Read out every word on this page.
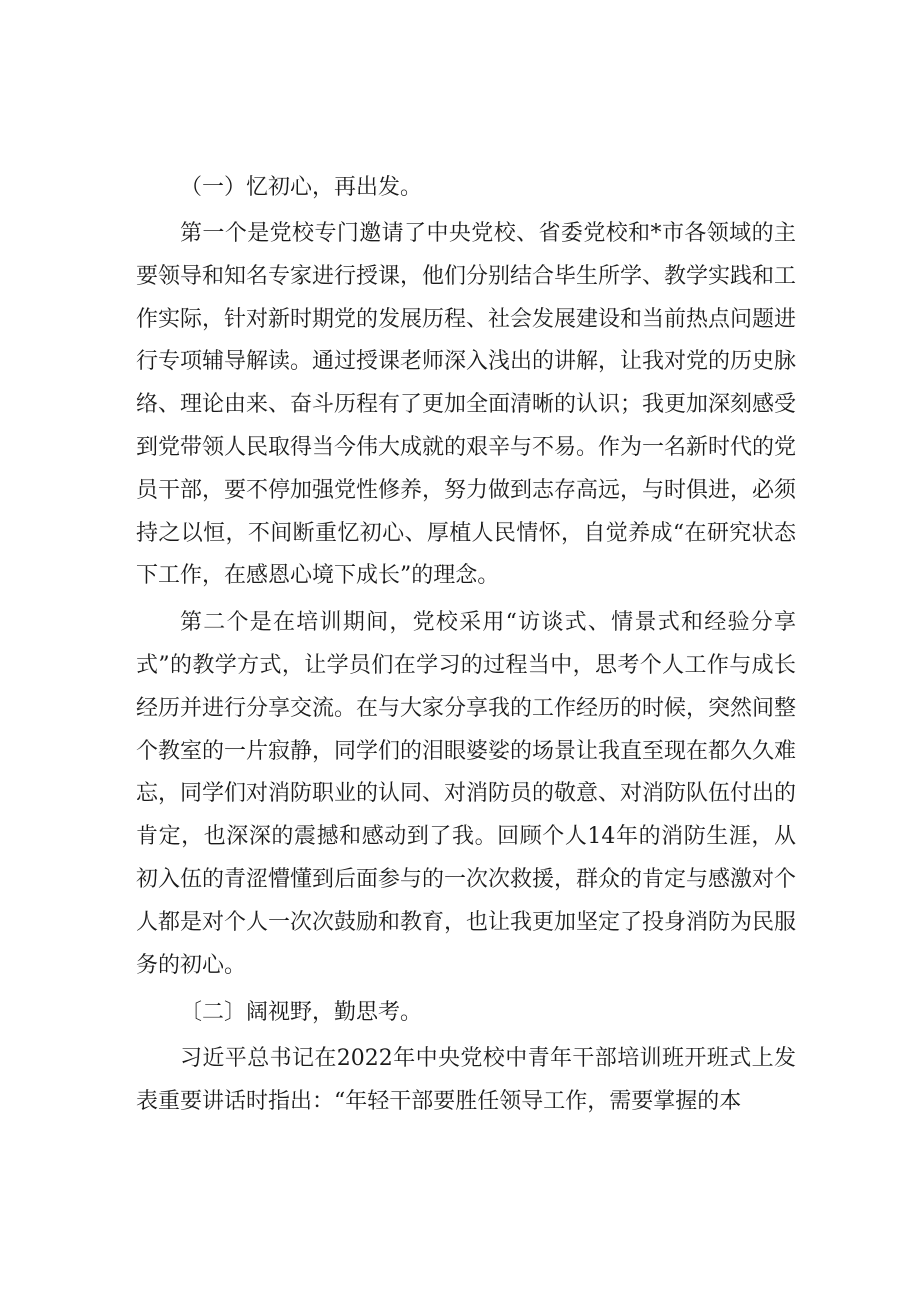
（一）忆初心，再出发。

第一个是党校专门邀请了中央党校、省委党校和*市各领域的主要领导和知名专家进行授课，他们分别结合毕生所学、教学实践和工作实际，针对新时期党的发展历程、社会发展建设和当前热点问题进行专项辅导解读。通过授课老师深入浅出的讲解，让我对党的历史脉络、理论由来、奋斗历程有了更加全面清晰的认识；我更加深刻感受到党带领人民取得当今伟大成就的艰辛与不易。作为一名新时代的党员干部，要不停加强党性修养，努力做到志存高远，与时俱进，必须持之以恒，不间断重忆初心、厚植人民情怀，自觉养成“在研究状态下工作，在感恩心境下成长”的理念。

第二个是在培训期间，党校采用“访谈式、情景式和经验分享式”的教学方式，让学员们在学习的过程当中，思考个人工作与成长经历并进行分享交流。在与大家分享我的工作经历的时候，突然间整个教室的一片寂静，同学们的泪眼婆娑的场景让我直至现在都久久难忘，同学们对消防职业的认同、对消防员的敬意、对消防队伍付出的肯定，也深深的震撼和感动到了我。回顾个人14年的消防生涯，从初入伍的青涩懵懂到后面参与的一次次救援，群众的肯定与感激对个人都是对个人一次次鼓励和教育，也让我更加坚定了投身消防为民服务的初心。

〔二〕阔视野，勤思考。

习近平总书记在2022年中央党校中青年干部培训班开班式上发表重要讲话时指出：“年轻干部要胜任领导工作，需要掌握的本
